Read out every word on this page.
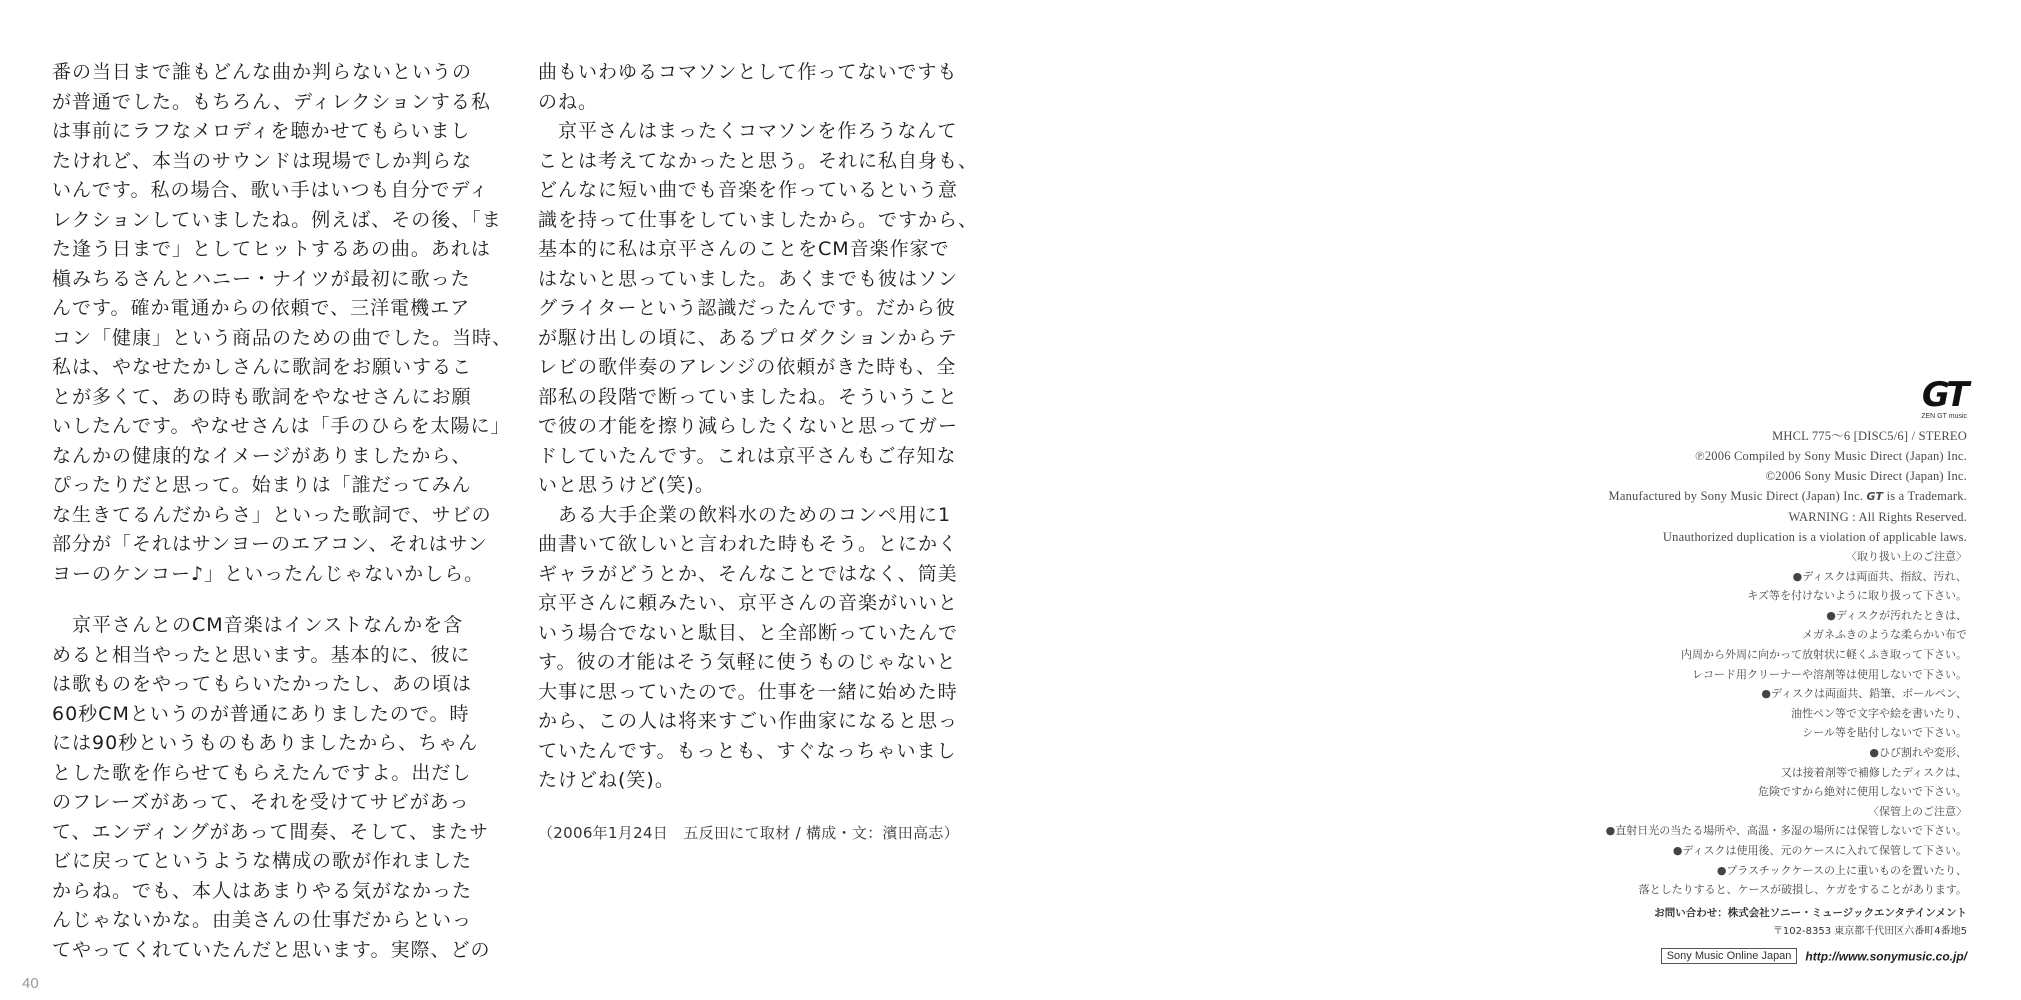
番の当日まで誰もどんな曲か判らないというの

が普通でした。もちろん、ディレクションする私

は事前にラフなメロディを聴かせてもらいまし

たけれど、本当のサウンドは現場でしか判らな

いんです。私の場合、歌い手はいつも自分でディ

レクションしていましたね。例えば、その後、「ま

た逢う日まで」としてヒットするあの曲。あれは

槇みちるさんとハニー・ナイツが最初に歌った

んです。確か電通からの依頼で、三洋電機エア

コン「健康」という商品のための曲でした。当時、

私は、やなせたかしさんに歌詞をお願いするこ

とが多くて、あの時も歌詞をやなせさんにお願

いしたんです。やなせさんは「手のひらを太陽に」

なんかの健康的なイメージがありましたから、

ぴったりだと思って。始まりは「誰だってみん

な生きてるんだからさ」といった歌詞で、サビの

部分が「それはサンヨーのエアコン、それはサン

ヨーのケンコー♪」といったんじゃないかしら。

　京平さんとのCM音楽はインストなんかを含

めると相当やったと思います。基本的に、彼に

は歌ものをやってもらいたかったし、あの頃は

60秒CMというのが普通にありましたので。時

には90秒というものもありましたから、ちゃん

とした歌を作らせてもらえたんですよ。出だし

のフレーズがあって、それを受けてサビがあっ

て、エンディングがあって間奏、そして、またサ

ビに戻ってというような構成の歌が作れました

からね。でも、本人はあまりやる気がなかった

んじゃないかな。由美さんの仕事だからといっ

てやってくれていたんだと思います。実際、どの

曲もいわゆるコマソンとして作ってないですも

のね。

　京平さんはまったくコマソンを作ろうなんて

ことは考えてなかったと思う。それに私自身も、

どんなに短い曲でも音楽を作っているという意

識を持って仕事をしていましたから。ですから、

基本的に私は京平さんのことをCM音楽作家で

はないと思っていました。あくまでも彼はソン

グライターという認識だったんです。だから彼

が駆け出しの頃に、あるプロダクションからテ

レビの歌伴奏のアレンジの依頼がきた時も、全

部私の段階で断っていましたね。そういうこと

で彼の才能を擦り減らしたくないと思ってガー

ドしていたんです。これは京平さんもご存知な

いと思うけど(笑)。

　ある大手企業の飲料水のためのコンペ用に1

曲書いて欲しいと言われた時もそう。とにかく

ギャラがどうとか、そんなことではなく、筒美

京平さんに頼みたい、京平さんの音楽がいいと

いう場合でないと駄目、と全部断っていたんで

す。彼の才能はそう気軽に使うものじゃないと

大事に思っていたので。仕事を一緒に始めた時

から、この人は将来すごい作曲家になると思っ

ていたんです。もっとも、すぐなっちゃいまし

たけどね(笑)。

（2006年1月24日　五反田にて取材 / 構成・文：濱田高志）
40
GT
ZEN GT music
MHCL 775～6 [DISC5/6] / STEREO
℗2006 Compiled by Sony Music Direct (Japan) Inc.
©2006 Sony Music Direct (Japan) Inc.
Manufactured by Sony Music Direct (Japan) Inc. GT is a Trademark.
WARNING : All Rights Reserved.
Unauthorized duplication is a violation of applicable laws.
〈取り扱い上のご注意〉
●ディスクは両面共、指紋、汚れ、
キズ等を付けないように取り扱って下さい。
●ディスクが汚れたときは、
メガネふきのような柔らかい布で
内周から外周に向かって放射状に軽くふき取って下さい。
レコード用クリーナーや溶剤等は使用しないで下さい。
●ディスクは両面共、鉛筆、ボールペン、
油性ペン等で文字や絵を書いたり、
シール等を貼付しないで下さい。
●ひび割れや変形、
又は接着剤等で補修したディスクは、
危険ですから絶対に使用しないで下さい。
〈保管上のご注意〉
●直射日光の当たる場所や、高温・多湿の場所には保管しないで下さい。
●ディスクは使用後、元のケースに入れて保管して下さい。
●プラスチックケースの上に重いものを置いたり、
落としたりすると、ケースが破損し、ケガをすることがあります。
お問い合わせ：株式会社ソニー・ミュージックエンタテインメント
〒102-8353 東京都千代田区六番町4番地5
Sony Music Online Japan http://www.sonymusic.co.jp/
